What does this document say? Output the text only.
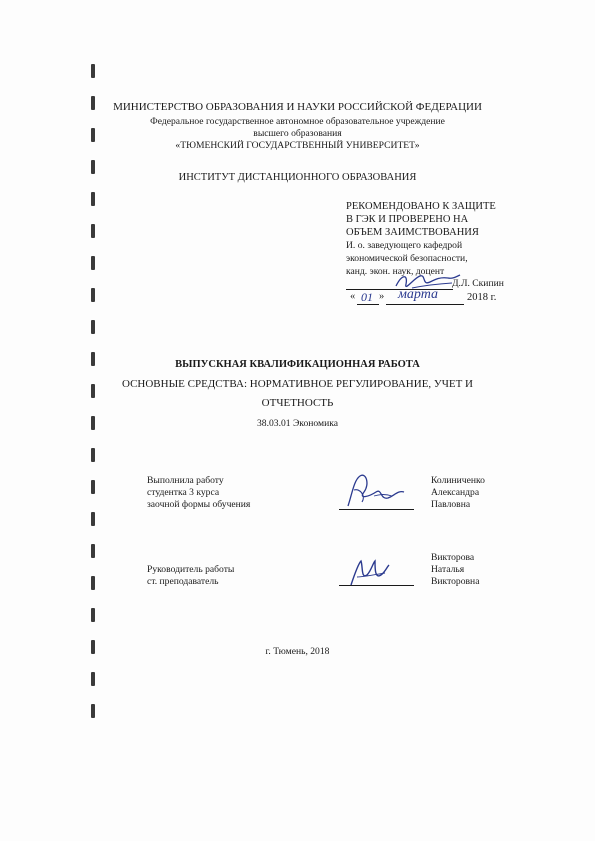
МИНИСТЕРСТВО ОБРАЗОВАНИЯ И НАУКИ РОССИЙСКОЙ ФЕДЕРАЦИИ
Федеральное государственное автономное образовательное учреждение
высшего образования
«ТЮМЕНСКИЙ ГОСУДАРСТВЕННЫЙ УНИВЕРСИТЕТ»
ИНСТИТУТ ДИСТАНЦИОННОГО ОБРАЗОВАНИЯ
РЕКОМЕНДОВАНО К ЗАЩИТЕ
В ГЭК И ПРОВЕРЕНО НА
ОБЪЕМ ЗАИМСТВОВАНИЯ
И. о. заведующего кафедрой
экономической безопасности,
канд. экон. наук, доцент
Д.Л. Скипин
« 01 » марта	2018 г.
ВЫПУСКНАЯ КВАЛИФИКАЦИОННАЯ РАБОТА
ОСНОВНЫЕ СРЕДСТВА: НОРМАТИВНОЕ РЕГУЛИРОВАНИЕ, УЧЕТ И
ОТЧЕТНОСТЬ
38.03.01 Экономика
Выполнила работу
студентка 3 курса
заочной формы обучения
Колиниченко
Александра
Павловна
Руководитель работы
ст. преподаватель
Викторова
Наталья
Викторовна
г. Тюмень, 2018
